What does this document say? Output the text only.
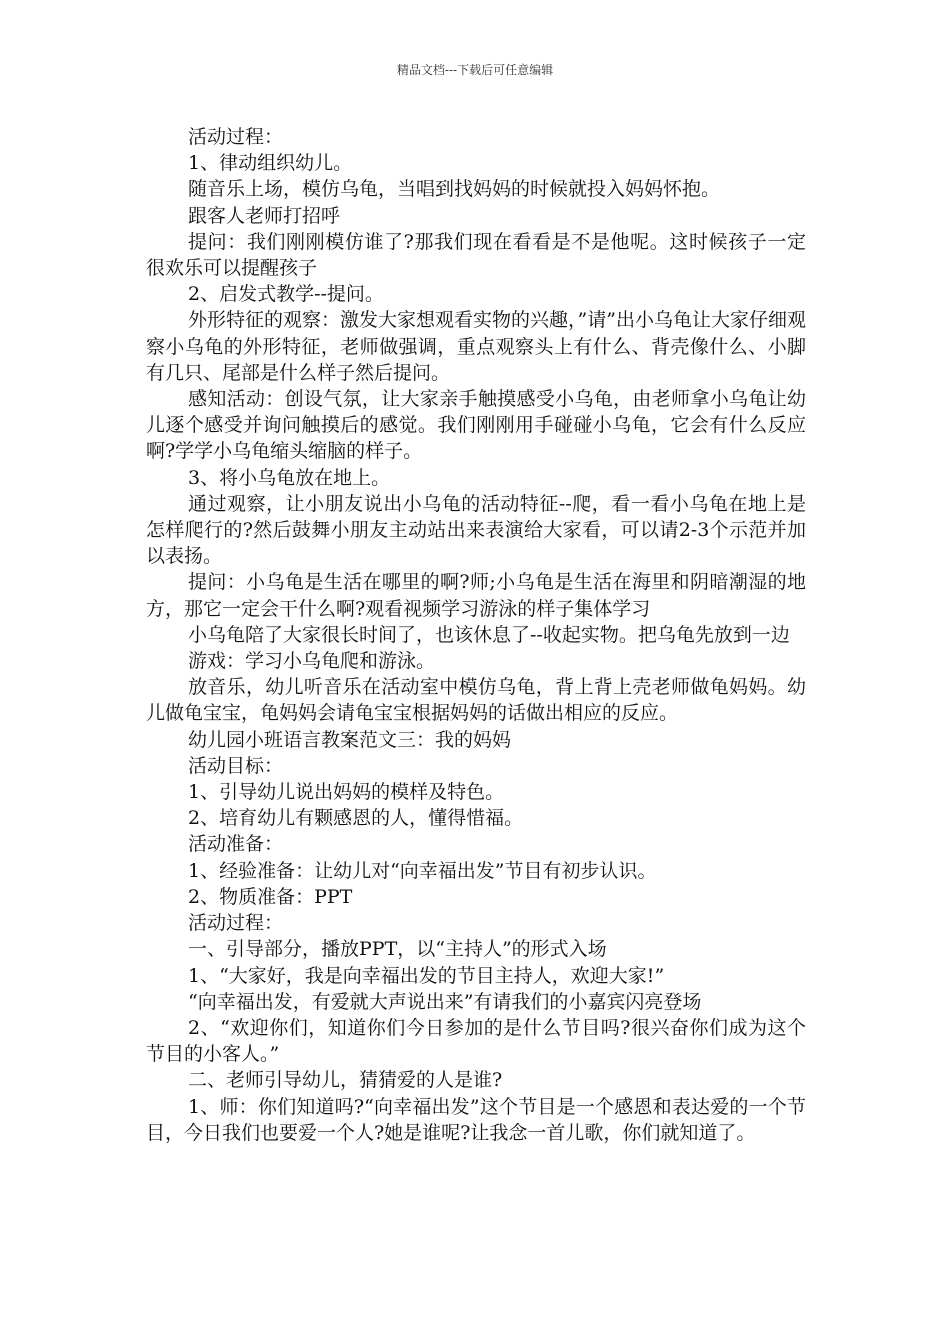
精品文档---下载后可任意编辑

活动过程：

1、律动组织幼儿。

随音乐上场，模仿乌龟，当唱到找妈妈的时候就投入妈妈怀抱。

跟客人老师打招呼

提问：我们刚刚模仿谁了?那我们现在看看是不是他呢。这时候孩子一定很欢乐可以提醒孩子

2、启发式教学--提问。

外形特征的观察：激发大家想观看实物的兴趣，”请”出小乌龟让大家仔细观察小乌龟的外形特征，老师做强调，重点观察头上有什么、背壳像什么、小脚有几只、尾部是什么样子然后提问。

感知活动：创设气氛，让大家亲手触摸感受小乌龟，由老师拿小乌龟让幼儿逐个感受并询问触摸后的感觉。我们刚刚用手碰碰小乌龟，它会有什么反应啊?学学小乌龟缩头缩脑的样子。

3、将小乌龟放在地上。

通过观察，让小朋友说出小乌龟的活动特征--爬，看一看小乌龟在地上是怎样爬行的?然后鼓舞小朋友主动站出来表演给大家看，可以请2-3个示范并加以表扬。

提问：小乌龟是生活在哪里的啊?师;小乌龟是生活在海里和阴暗潮湿的地方，那它一定会干什么啊?观看视频学习游泳的样子集体学习

小乌龟陪了大家很长时间了，也该休息了--收起实物。把乌龟先放到一边

游戏：学习小乌龟爬和游泳。

放音乐，幼儿听音乐在活动室中模仿乌龟，背上背上壳老师做龟妈妈。幼儿做龟宝宝，龟妈妈会请龟宝宝根据妈妈的话做出相应的反应。

幼儿园小班语言教案范文三：我的妈妈

活动目标：

1、引导幼儿说出妈妈的模样及特色。

2、培育幼儿有颗感恩的人，懂得惜福。

活动准备：

1、经验准备：让幼儿对“向幸福出发”节目有初步认识。

2、物质准备：PPT

活动过程：

一、引导部分，播放PPT，以“主持人”的形式入场

1、“大家好，我是向幸福出发的节目主持人，欢迎大家!”

“向幸福出发，有爱就大声说出来”有请我们的小嘉宾闪亮登场

2、“欢迎你们，知道你们今日参加的是什么节目吗?很兴奋你们成为这个节目的小客人。”

二、老师引导幼儿，猜猜爱的人是谁?

1、师：你们知道吗?“向幸福出发”这个节目是一个感恩和表达爱的一个节目，今日我们也要爱一个人?她是谁呢?让我念一首儿歌，你们就知道了。
